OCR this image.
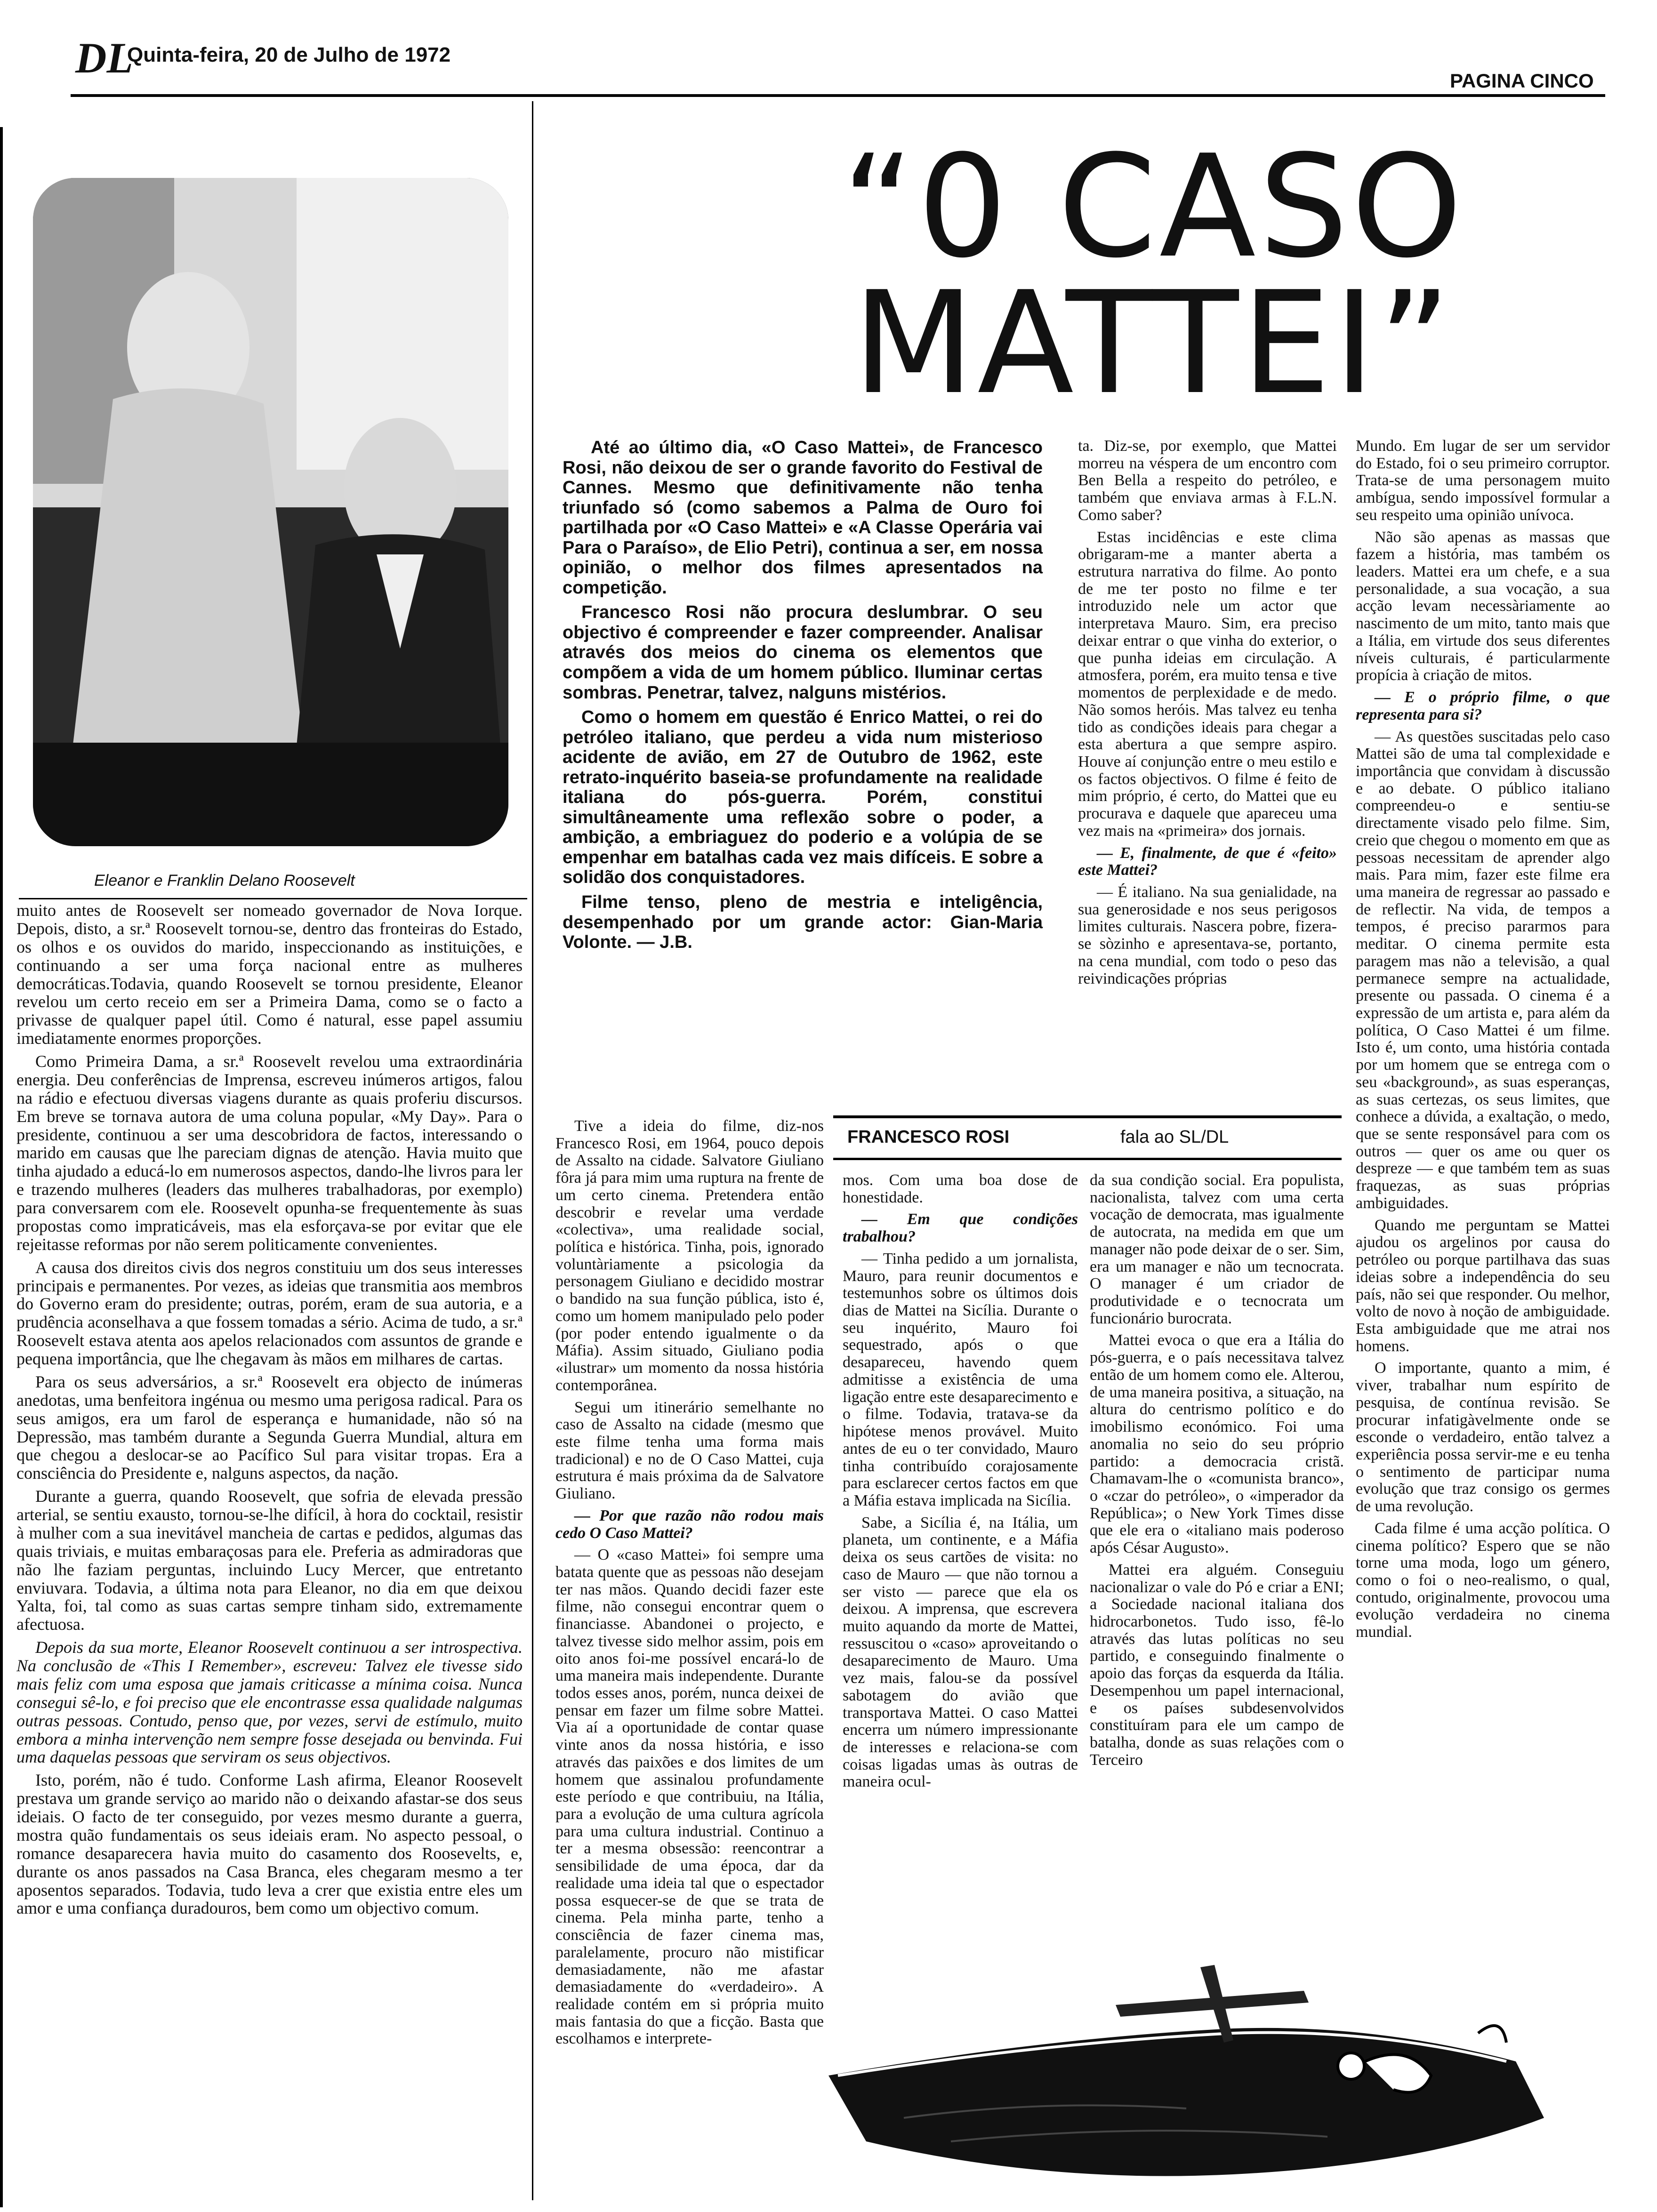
DL
Quinta-feira, 20 de Julho de 1972
PAGINA CINCO
Eleanor e Franklin Delano Roosevelt

muito antes de Roosevelt ser nomeado governador de Nova Iorque. Depois, disto, a sr.ª Roosevelt tornou-se, dentro das fronteiras do Estado, os olhos e os ouvidos do marido, inspeccionando as instituições, e continuando a ser uma força nacional entre as mulheres democráticas.Todavia, quando Roosevelt se tornou presidente, Eleanor revelou um certo receio em ser a Primeira Dama, como se o facto a privasse de qualquer papel útil. Como é natural, esse papel assumiu imediatamente enormes proporções.

Como Primeira Dama, a sr.ª Roosevelt revelou uma extraordinária energia. Deu conferências de Imprensa, escreveu inúmeros artigos, falou na rádio e efectuou diversas viagens durante as quais proferiu discursos. Em breve se tornava autora de uma coluna popular, «My Day». Para o presidente, continuou a ser uma descobridora de factos, interessando o marido em causas que lhe pareciam dignas de atenção. Havia muito que tinha ajudado a educá-lo em numerosos aspectos, dando-lhe livros para ler e trazendo mulheres (leaders das mulheres trabalhadoras, por exemplo) para conversarem com ele. Roosevelt opunha-se frequentemente às suas propostas como impraticáveis, mas ela esforçava-se por evitar que ele rejeitasse reformas por não serem politicamente convenientes.

A causa dos direitos civis dos negros constituiu um dos seus interesses principais e permanentes. Por vezes, as ideias que transmitia aos membros do Governo eram do presidente; outras, porém, eram de sua autoria, e a prudência aconselhava a que fossem tomadas a sério. Acima de tudo, a sr.ª Roosevelt estava atenta aos apelos relacionados com assuntos de grande e pequena importância, que lhe chegavam às mãos em milhares de cartas.

Para os seus adversários, a sr.ª Roosevelt era objecto de inúmeras anedotas, uma benfeitora ingénua ou mesmo uma perigosa radical. Para os seus amigos, era um farol de esperança e humanidade, não só na Depressão, mas também durante a Segunda Guerra Mundial, altura em que chegou a deslocar-se ao Pacífico Sul para visitar tropas. Era a consciência do Presidente e, nalguns aspectos, da nação.

Durante a guerra, quando Roosevelt, que sofria de elevada pressão arterial, se sentiu exausto, tornou-se-lhe difícil, à hora do cocktail, resistir à mulher com a sua inevitável mancheia de cartas e pedidos, algumas das quais triviais, e muitas embaraçosas para ele. Preferia as admiradoras que não lhe faziam perguntas, incluindo Lucy Mercer, que entretanto enviuvara. Todavia, a última nota para Eleanor, no dia em que deixou Yalta, foi, tal como as suas cartas sempre tinham sido, extremamente afectuosa.

Depois da sua morte, Eleanor Roosevelt continuou a ser introspectiva. Na conclusão de «This I Remember», escreveu: Talvez ele tivesse sido mais feliz com uma esposa que jamais criticasse a mínima coisa. Nunca consegui sê-lo, e foi preciso que ele encontrasse essa qualidade nalgumas outras pessoas. Contudo, penso que, por vezes, servi de estímulo, muito embora a minha intervenção nem sempre fosse desejada ou benvinda. Fui uma daquelas pessoas que serviram os seus objectivos.

Isto, porém, não é tudo. Conforme Lash afirma, Eleanor Roosevelt prestava um grande serviço ao marido não o deixando afastar-se dos seus ideiais. O facto de ter conseguido, por vezes mesmo durante a guerra, mostra quão fundamentais os seus ideiais eram. No aspecto pessoal, o romance desaparecera havia muito do casamento dos Roosevelts, e, durante os anos passados na Casa Branca, eles chegaram mesmo a ter aposentos separados. Todavia, tudo leva a crer que existia entre eles um amor e uma confiança duradouros, bem como um objectivo comum.

“0 CASO
MATTEI”

Até ao último dia, «O Caso Mattei», de Francesco Rosi, não deixou de ser o grande favorito do Festival de Cannes. Mesmo que definitivamente não tenha triunfado só (como sabemos a Palma de Ouro foi partilhada por «O Caso Mattei» e «A Classe Operária vai Para o Paraíso», de Elio Petri), continua a ser, em nossa opinião, o melhor dos filmes apresentados na competição.

Francesco Rosi não procura deslumbrar. O seu objectivo é compreender e fazer compreender. Analisar através dos meios do cinema os elementos que compõem a vida de um homem público. Iluminar certas sombras. Penetrar, talvez, nalguns mistérios.

Como o homem em questão é Enrico Mattei, o rei do petróleo italiano, que perdeu a vida num misterioso acidente de avião, em 27 de Outubro de 1962, este retrato-inquérito baseia-se profundamente na realidade italiana do pós-guerra. Porém, constitui simultâneamente uma reflexão sobre o poder, a ambição, a embriaguez do poderio e a volúpia de se empenhar em batalhas cada vez mais difíceis. E sobre a solidão dos conquistadores.

Filme tenso, pleno de mestria e inteligência, desempenhado por um grande actor: Gian-Maria Volonte. — J.B.

ta. Diz-se, por exemplo, que Mattei morreu na véspera de um encontro com Ben Bella a respeito do petróleo, e também que enviava armas à F.L.N. Como saber?

Estas incidências e este clima obrigaram-me a manter aberta a estrutura narrativa do filme. Ao ponto de me ter posto no filme e ter introduzido nele um actor que interpretava Mauro. Sim, era preciso deixar entrar o que vinha do exterior, o que punha ideias em circulação. A atmosfera, porém, era muito tensa e tive momentos de perplexidade e de medo. Não somos heróis. Mas talvez eu tenha tido as condições ideais para chegar a esta abertura a que sempre aspiro. Houve aí conjunção entre o meu estilo e os factos objectivos. O filme é feito de mim próprio, é certo, do Mattei que eu procurava e daquele que apareceu uma vez mais na «primeira» dos jornais.

— E, finalmente, de que é «feito» este Mattei?

— É italiano. Na sua genialidade, na sua generosidade e nos seus perigosos limites culturais. Nascera pobre, fizera-se sòzinho e apresentava-se, portanto, na cena mundial, com todo o peso das reivindicações próprias

Mundo. Em lugar de ser um servidor do Estado, foi o seu primeiro corruptor. Trata-se de uma personagem muito ambígua, sendo impossível formular a seu respeito uma opinião unívoca.

Não são apenas as massas que fazem a história, mas também os leaders. Mattei era um chefe, e a sua personalidade, a sua vocação, a sua acção levam necessàriamente ao nascimento de um mito, tanto mais que a Itália, em virtude dos seus diferentes níveis culturais, é particularmente propícia à criação de mitos.

— E o próprio filme, o que representa para si?

— As questões suscitadas pelo caso Mattei são de uma tal complexidade e importância que convidam à discussão e ao debate. O público italiano compreendeu-o e sentiu-se directamente visado pelo filme. Sim, creio que chegou o momento em que as pessoas necessitam de aprender algo mais. Para mim, fazer este filme era uma maneira de regressar ao passado e de reflectir. Na vida, de tempos a tempos, é preciso pararmos para meditar. O cinema permite esta paragem mas não a televisão, a qual permanece sempre na actualidade, presente ou passada. O cinema é a expressão de um artista e, para além da política, O Caso Mattei é um filme. Isto é, um conto, uma história contada por um homem que se entrega com o seu «background», as suas esperanças, as suas certezas, os seus limites, que conhece a dúvida, a exaltação, o medo, que se sente responsável para com os outros — quer os ame ou quer os despreze — e que também tem as suas fraquezas, as suas próprias ambiguidades.

Quando me perguntam se Mattei ajudou os argelinos por causa do petróleo ou porque partilhava das suas ideias sobre a independência do seu país, não sei que responder. Ou melhor, volto de novo à noção de ambiguidade. Esta ambiguidade que me atrai nos homens.

O importante, quanto a mim, é viver, trabalhar num espírito de pesquisa, de contínua revisão. Se procurar infatigàvelmente onde se esconde o verdadeiro, então talvez a experiência possa servir-me e eu tenha o sentimento de participar numa evolução que traz consigo os germes de uma revolução.

Cada filme é uma acção política. O cinema político? Espero que se não torne uma moda, logo um género, como o foi o neo-realismo, o qual, contudo, originalmente, provocou uma evolução verdadeira no cinema mundial.

FRANCESCO ROSI	fala ao SL/DL

Tive a ideia do filme, diz-nos Francesco Rosi, em 1964, pouco depois de Assalto na cidade. Salvatore Giuliano fôra já para mim uma ruptura na frente de um certo cinema. Pretendera então descobrir e revelar uma verdade «colectiva», uma realidade social, política e histórica. Tinha, pois, ignorado voluntàriamente a psicologia da personagem Giuliano e decidido mostrar o bandido na sua função pública, isto é, como um homem manipulado pelo poder (por poder entendo igualmente o da Máfia). Assim situado, Giuliano podia «ilustrar» um momento da nossa história contemporânea.

Segui um itinerário semelhante no caso de Assalto na cidade (mesmo que este filme tenha uma forma mais tradicional) e no de O Caso Mattei, cuja estrutura é mais próxima da de Salvatore Giuliano.

— Por que razão não rodou mais cedo O Caso Mattei?

— O «caso Mattei» foi sempre uma batata quente que as pessoas não desejam ter nas mãos. Quando decidi fazer este filme, não consegui encontrar quem o financiasse. Abandonei o projecto, e talvez tivesse sido melhor assim, pois em oito anos foi-me possível encará-lo de uma maneira mais independente. Durante todos esses anos, porém, nunca deixei de pensar em fazer um filme sobre Mattei. Via aí a oportunidade de contar quase vinte anos da nossa história, e isso através das paixões e dos limites de um homem que assinalou profundamente este período e que contribuiu, na Itália, para a evolução de uma cultura agrícola para uma cultura industrial. Continuo a ter a mesma obsessão: reencontrar a sensibilidade de uma época, dar da realidade uma ideia tal que o espectador possa esquecer-se de que se trata de cinema. Pela minha parte, tenho a consciência de fazer cinema mas, paralelamente, procuro não mistificar demasiadamente, não me afastar demasiadamente do «verdadeiro». A realidade contém em si própria muito mais fantasia do que a ficção. Basta que escolhamos e interprete-

mos. Com uma boa dose de honestidade.

— Em que condições trabalhou?

— Tinha pedido a um jornalista, Mauro, para reunir documentos e testemunhos sobre os últimos dois dias de Mattei na Sicília. Durante o seu inquérito, Mauro foi sequestrado, após o que desapareceu, havendo quem admitisse a existência de uma ligação entre este desaparecimento e o filme. Todavia, tratava-se da hipótese menos provável. Muito antes de eu o ter convidado, Mauro tinha contribuído corajosamente para esclarecer certos factos em que a Máfia estava implicada na Sicília.

Sabe, a Sicília é, na Itália, um planeta, um continente, e a Máfia deixa os seus cartões de visita: no caso de Mauro — que não tornou a ser visto — parece que ela os deixou. A imprensa, que escrevera muito aquando da morte de Mattei, ressuscitou o «caso» aproveitando o desaparecimento de Mauro. Uma vez mais, falou-se da possível sabotagem do avião que transportava Mattei. O caso Mattei encerra um número impressionante de interesses e relaciona-se com coisas ligadas umas às outras de maneira ocul-

da sua condição social. Era populista, nacionalista, talvez com uma certa vocação de democrata, mas igualmente de autocrata, na medida em que um manager não pode deixar de o ser. Sim, era um manager e não um tecnocrata. O manager é um criador de produtividade e o tecnocrata um funcionário burocrata.

Mattei evoca o que era a Itália do pós-guerra, e o país necessitava talvez então de um homem como ele. Alterou, de uma maneira positiva, a situação, na altura do centrismo político e do imobilismo económico. Foi uma anomalia no seio do seu próprio partido: a democracia cristã. Chamavam-lhe o «comunista branco», o «czar do petróleo», o «imperador da República»; o New York Times disse que ele era o «italiano mais poderoso após César Augusto».

Mattei era alguém. Conseguiu nacionalizar o vale do Pó e criar a ENI; a Sociedade nacional italiana dos hidrocarbonetos. Tudo isso, fê-lo através das lutas políticas no seu partido, e conseguindo finalmente o apoio das forças da esquerda da Itália. Desempenhou um papel internacional, e os países subdesenvolvidos constituíram para ele um campo de batalha, donde as suas relações com o Terceiro
